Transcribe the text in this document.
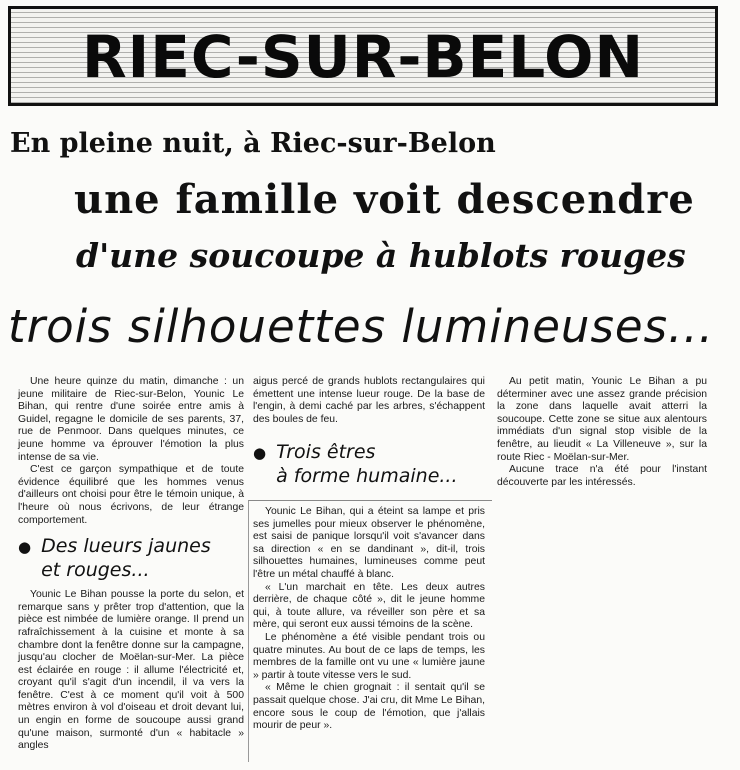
RIEC-SUR-BELON
En pleine nuit, à Riec-sur-Belon
une famille voit descendre
d'une soucoupe à hublots rouges
trois silhouettes lumineuses...

Une heure quinze du matin, dimanche : un jeune militaire de Riec-sur-Belon, Younic Le Bihan, qui rentre d'une soirée entre amis à Guidel, regagne le domicile de ses parents, 37, rue de Penmoor. Dans quelques minutes, ce jeune homme va éprouver l'émotion la plus intense de sa vie.

C'est ce garçon sympathique et de toute évidence équilibré que les hommes venus d'ailleurs ont choisi pour être le témoin unique, à l'heure où nous écrivons, de leur étrange comportement.

● Des lueurs jaunes
et rouges...

Younic Le Bihan pousse la porte du selon, et remarque sans y prêter trop d'attention, que la pièce est nimbée de lumière orange. Il prend un rafraîchissement à la cuisine et monte à sa chambre dont la fenêtre donne sur la campagne, jusqu'au clocher de Moëlan-sur-Mer. La pièce est éclairée en rouge : il allume l'électricité et, croyant qu'il s'agit d'un incendil, il va vers la fenêtre. C'est à ce moment qu'il voit à 500 mètres environ à vol d'oiseau et droit devant lui, un engin en forme de soucoupe aussi grand qu'une maison, surmonté d'un « habitacle » angles

aigus percé de grands hublots rectangulaires qui émettent une intense lueur rouge. De la base de l'engin, à demi caché par les arbres, s'échappent des boules de feu.

● Trois êtres
à forme humaine...

Younic Le Bihan, qui a éteint sa lampe et pris ses jumelles pour mieux observer le phénomène, est saisi de panique lorsqu'il voit s'avancer dans sa direction « en se dandinant », dit-il, trois silhouettes humaines, lumineuses comme peut l'être un métal chauffé à blanc.

« L'un marchait en tête. Les deux autres derrière, de chaque côté », dit le jeune homme qui, à toute allure, va réveiller son père et sa mère, qui seront eux aussi témoins de la scène.

Le phénomène a été visible pendant trois ou quatre minutes. Au bout de ce laps de temps, les membres de la famille ont vu une « lumière jaune » partir à toute vitesse vers le sud.

« Même le chien grognait : il sentait qu'il se passait quelque chose. J'ai cru, dit Mme Le Bihan, encore sous le coup de l'émotion, que j'allais mourir de peur ».

Au petit matin, Younic Le Bihan a pu déterminer avec une assez grande précision la zone dans laquelle avait atterri la soucoupe. Cette zone se situe aux alentours immédiats d'un signal stop visible de la fenêtre, au lieudit « La Villeneuve », sur la route Riec - Moëlan-sur-Mer.

Aucune trace n'a été pour l'instant découverte par les intéressés.
